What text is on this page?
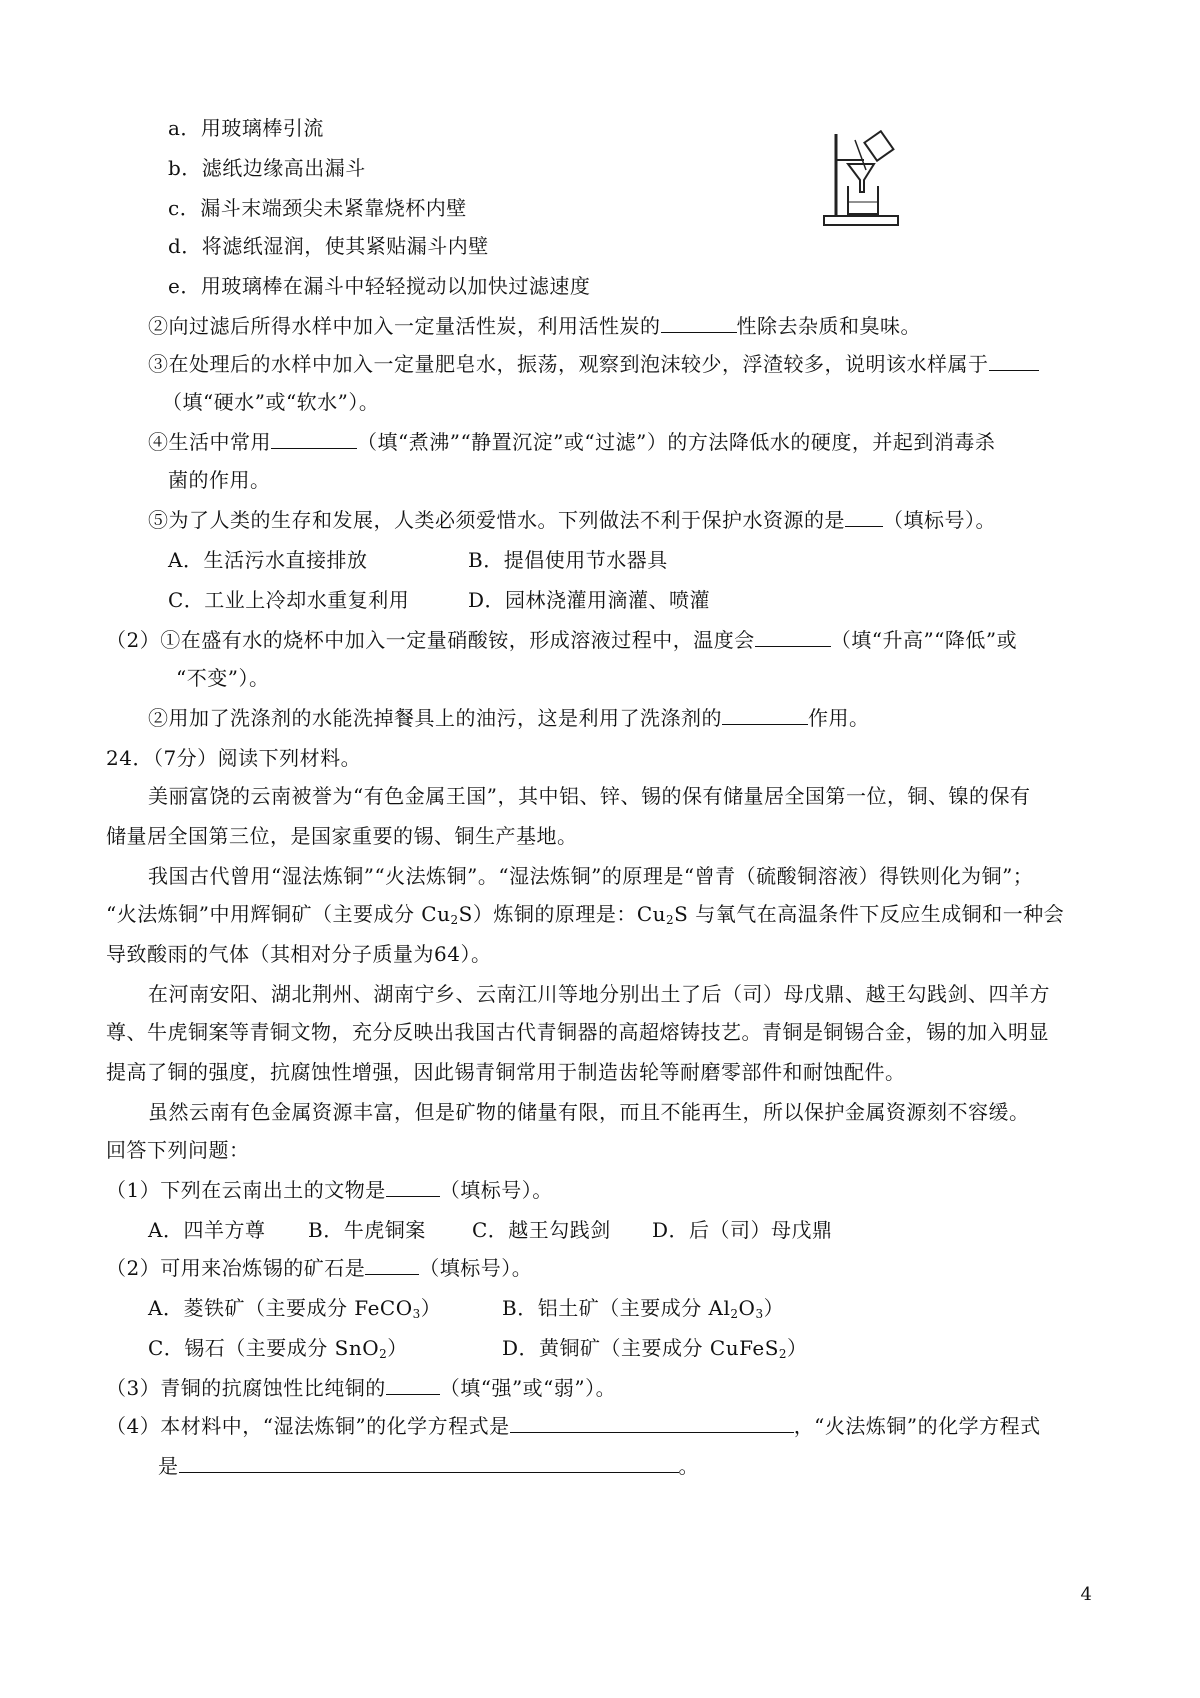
a．用玻璃棒引流
b．滤纸边缘高出漏斗
c．漏斗末端颈尖未紧靠烧杯内壁
d．将滤纸湿润，使其紧贴漏斗内壁
e．用玻璃棒在漏斗中轻轻搅动以加快过滤速度
②向过滤后所得水样中加入一定量活性炭，利用活性炭的	性除去杂质和臭味。
③在处理后的水样中加入一定量肥皂水，振荡，观察到泡沫较少，浮渣较多，说明该水样属于
（填“硬水”或“软水”）。
④生活中常用	（填“煮沸”“静置沉淀”或“过滤”）的方法降低水的硬度，并起到消毒杀
菌的作用。
⑤为了人类的生存和发展，人类必须爱惜水。下列做法不利于保护水资源的是 （填标号）。
A．生活污水直接排放	B．提倡使用节水器具
C．工业上冷却水重复利用	D．园林浇灌用滴灌、喷灌
（2）①在盛有水的烧杯中加入一定量硝酸铵，形成溶液过程中，温度会	（填“升高”“降低”或
“不变”）。
②用加了洗涤剂的水能洗掉餐具上的油污，这是利用了洗涤剂的	作用。
24．（7分）阅读下列材料。
美丽富饶的云南被誉为“有色金属王国”，其中铝、锌、锡的保有储量居全国第一位，铜、镍的保有
储量居全国第三位，是国家重要的锡、铜生产基地。
我国古代曾用“湿法炼铜”“火法炼铜”。“湿法炼铜”的原理是“曾青（硫酸铜溶液）得铁则化为铜”；
“火法炼铜”中用辉铜矿（主要成分 $Cu_2S$）炼铜的原理是：$Cu_2S$ 与氧气在高温条件下反应生成铜和一种会
导致酸雨的气体（其相对分子质量为64）。
在河南安阳、湖北荆州、湖南宁乡、云南江川等地分别出土了后（司）母戊鼎、越王勾践剑、四羊方
尊、牛虎铜案等青铜文物，充分反映出我国古代青铜器的高超熔铸技艺。青铜是铜锡合金，锡的加入明显
提高了铜的强度，抗腐蚀性增强，因此锡青铜常用于制造齿轮等耐磨零部件和耐蚀配件。
虽然云南有色金属资源丰富，但是矿物的储量有限，而且不能再生，所以保护金属资源刻不容缓。
回答下列问题：
（1）下列在云南出土的文物是	（填标号）。
A．四羊方尊 B．牛虎铜案 C．越王勾践剑 D．后（司）母戊鼎
（2）可用来冶炼锡的矿石是	（填标号）。
A．菱铁矿（主要成分 FeCO$_3$）	B．铝土矿（主要成分 $Al_2O_3$）
C．锡石（主要成分 SnO$_2$）	D．黄铜矿（主要成分 CuFeS$_2$）
（3）青铜的抗腐蚀性比纯铜的	（填“强”或“弱”）。
（4）本材料中，“湿法炼铜”的化学方程式是	，“火法炼铜”的化学方程式
是	。
4
